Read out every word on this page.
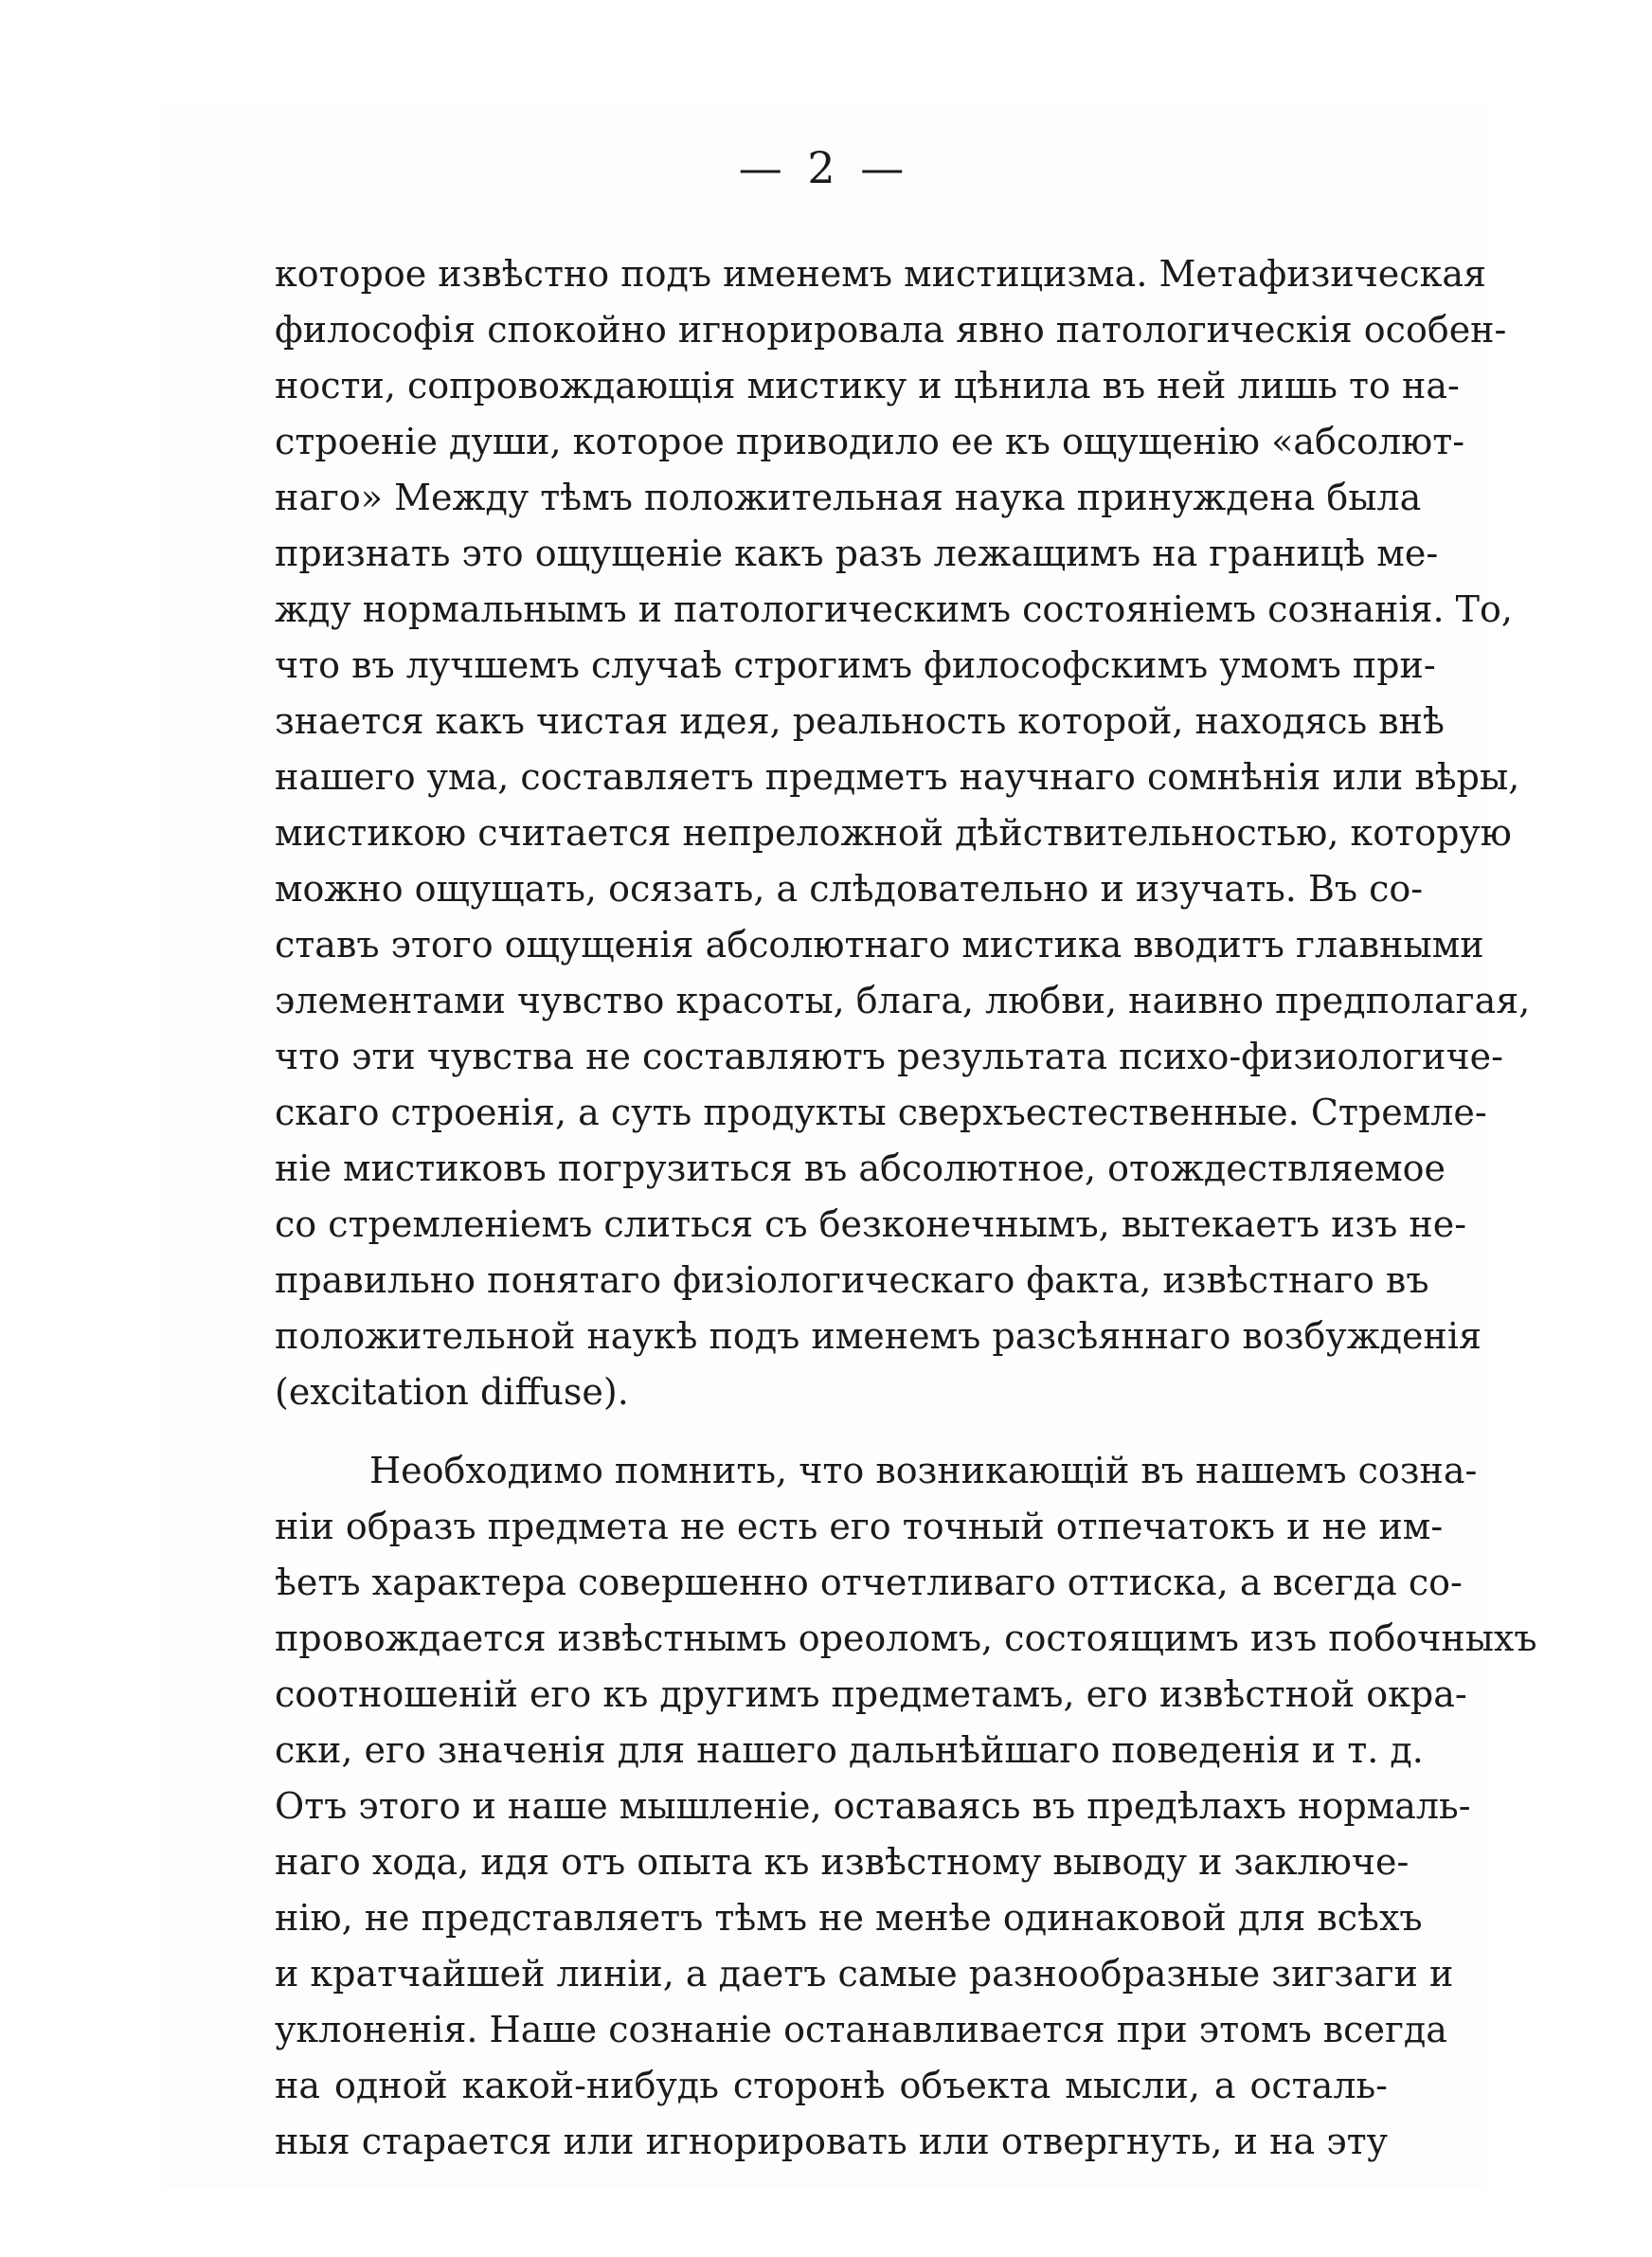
— 2 —
которое извѣстно подъ именемъ мистицизма. Метафизическая
философія спокойно игнорировала явно патологическія особен-
ности, сопровождающія мистику и цѣнила въ ней лишь то на-
строеніе души, которое приводило ее къ ощущенію «абсолют-
наго» Между тѣмъ положительная наука принуждена была
признать это ощущеніе какъ разъ лежащимъ на границѣ ме-
жду нормальнымъ и патологическимъ состояніемъ сознанія. То,
что въ лучшемъ случаѣ строгимъ философскимъ умомъ при-
знается какъ чистая идея, реальность которой, находясь внѣ
нашего ума, составляетъ предметъ научнаго сомнѣнія или вѣры,
мистикою считается непреложной дѣйствительностью, которую
можно ощущать, осязать, а слѣдовательно и изучать. Въ со-
ставъ этого ощущенія абсолютнаго мистика вводитъ главными
элементами чувство красоты, блага, любви, наивно предполагая,
что эти чувства не составляютъ результата психо-физиологиче-
скаго строенія, а суть продукты сверхъестественные. Стремле-
ніе мистиковъ погрузиться въ абсолютное, отождествляемое
со стремленіемъ слиться съ безконечнымъ, вытекаетъ изъ не-
правильно понятаго физіологическаго факта, извѣстнаго въ
положительной наукѣ подъ именемъ разсѣяннаго возбужденія
(excitation diffuse).
Необходимо помнить, что возникающій въ нашемъ созна-
ніи образъ предмета не есть его точный отпечатокъ и не им-
ѣетъ характера совершенно отчетливаго оттиска, а всегда со-
провождается извѣстнымъ ореоломъ, состоящимъ изъ побочныхъ
соотношеній его къ другимъ предметамъ, его извѣстной окра-
ски, его значенія для нашего дальнѣйшаго поведенія и т. д.
Отъ этого и наше мышленіе, оставаясь въ предѣлахъ нормаль-
наго хода, идя отъ опыта къ извѣстному выводу и заключе-
нію, не представляетъ тѣмъ не менѣе одинаковой для всѣхъ
и кратчайшей линіи, а даетъ самые разнообразные зигзаги и
уклоненія. Наше сознаніе останавливается при этомъ всегда
на одной какой-нибудь сторонѣ объекта мысли, а осталь-
ныя старается или игнорировать или отвергнуть, и на эту
